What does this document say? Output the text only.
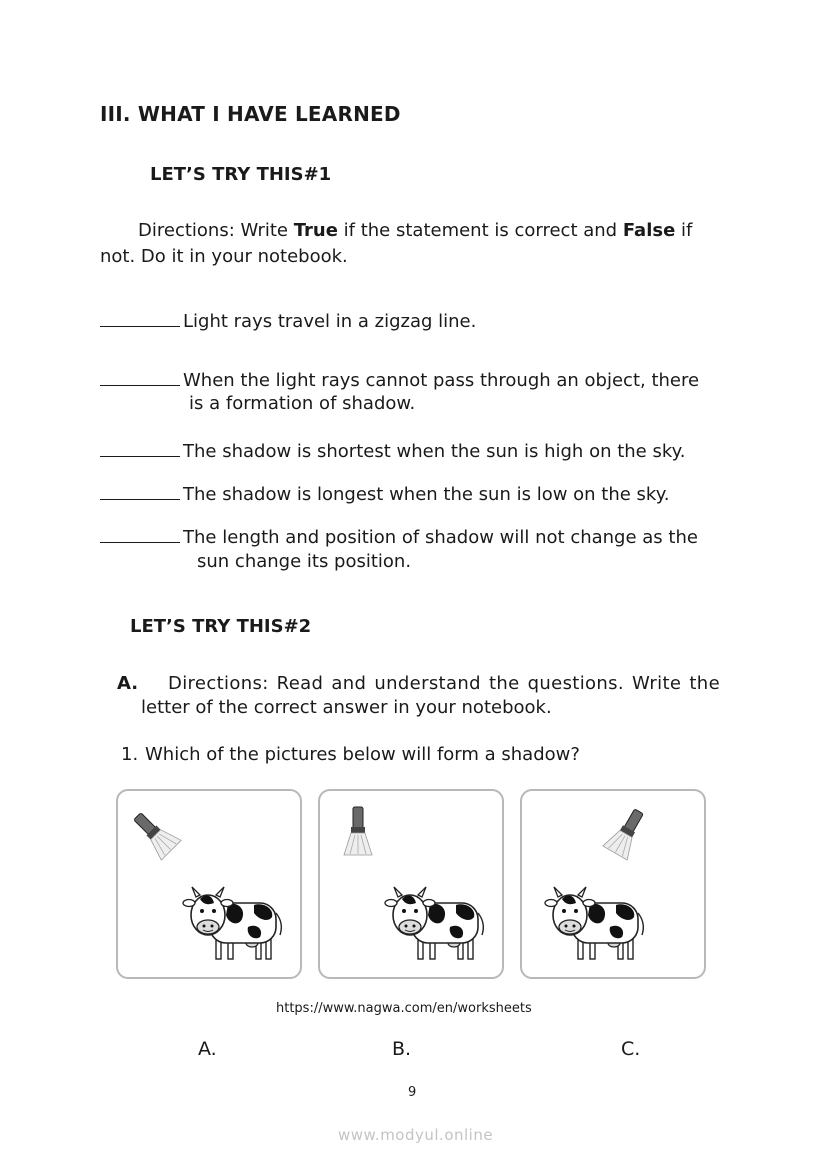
III. WHAT I HAVE LEARNED
LET’S TRY THIS#1
Directions: Write True if the statement is correct and False if
not. Do it in your notebook.
Light rays travel in a zigzag line.
When the light rays cannot pass through an object, there
is a formation of shadow.
The shadow is shortest when the sun is high on the sky.
The shadow is longest when the sun is low on the sky.
The length and position of shadow will not change as the
sun change its position.
LET’S TRY THIS#2
A. Directions: Read and understand the questions. Write the
letter of the correct answer in your notebook.
1. Which of the pictures below will form a shadow?
https://www.nagwa.com/en/worksheets
A.	B.	C.
9
www.modyul.online
